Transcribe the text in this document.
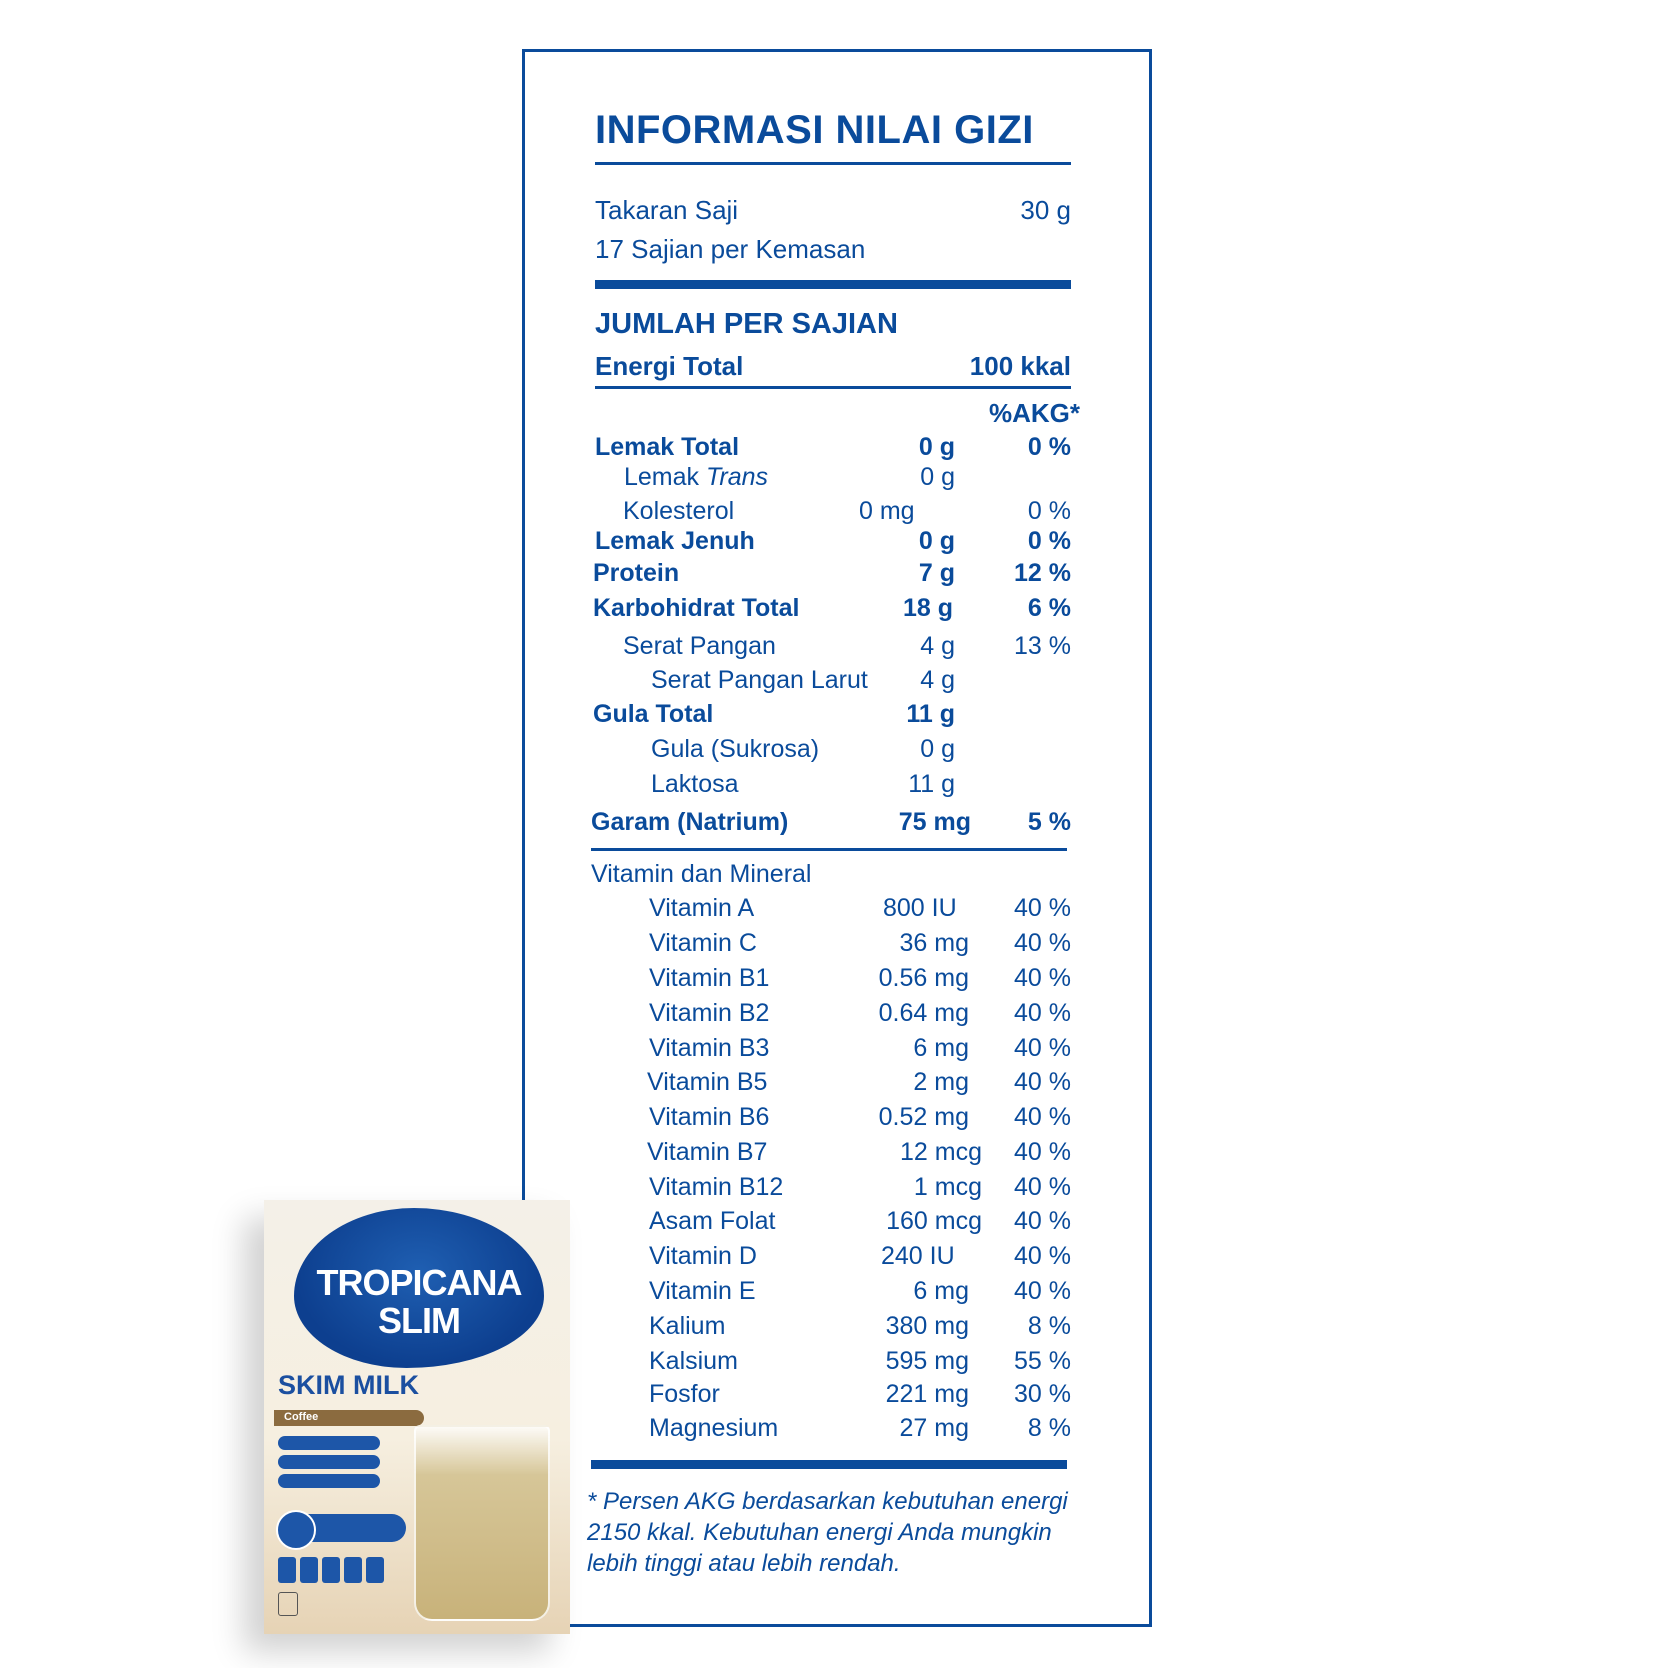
INFORMASI NILAI GIZI
Takaran Saji	30 g
17 Sajian per Kemasan
JUMLAH PER SAJIAN
Energi Total	100 kkal
%AKG*
Lemak Total	0 g	0 %
Lemak Trans	0 g
Kolesterol	0 mg	0 %
Lemak Jenuh	0 g	0 %
Protein	7 g	12 %
Karbohidrat Total	18 g	6 %
Serat Pangan	4 g	13 %
Serat Pangan Larut	4 g
Gula Total	11 g
Gula (Sukrosa)	0 g
Laktosa	11 g
Garam (Natrium)	75 mg	5 %
Vitamin dan Mineral
Vitamin A	800 IU	40 %
Vitamin C	36 mg	40 %
Vitamin B1	0.56 mg	40 %
Vitamin B2	0.64 mg	40 %
Vitamin B3	6 mg	40 %
Vitamin B5	2 mg	40 %
Vitamin B6	0.52 mg	40 %
Vitamin B7	12 mcg	40 %
Vitamin B12	1 mcg	40 %
Asam Folat	160 mcg	40 %
Vitamin D	240 IU	40 %
Vitamin E	6 mg	40 %
Kalium	380 mg	8 %
Kalsium	595 mg	55 %
Fosfor	221 mg	30 %
Magnesium	27 mg	8 %
* Persen AKG berdasarkan kebutuhan energi 2150 kkal. Kebutuhan energi Anda mungkin lebih tinggi atau lebih rendah.
TROPICANA
SLIM
SKIM MILK
Coffee
